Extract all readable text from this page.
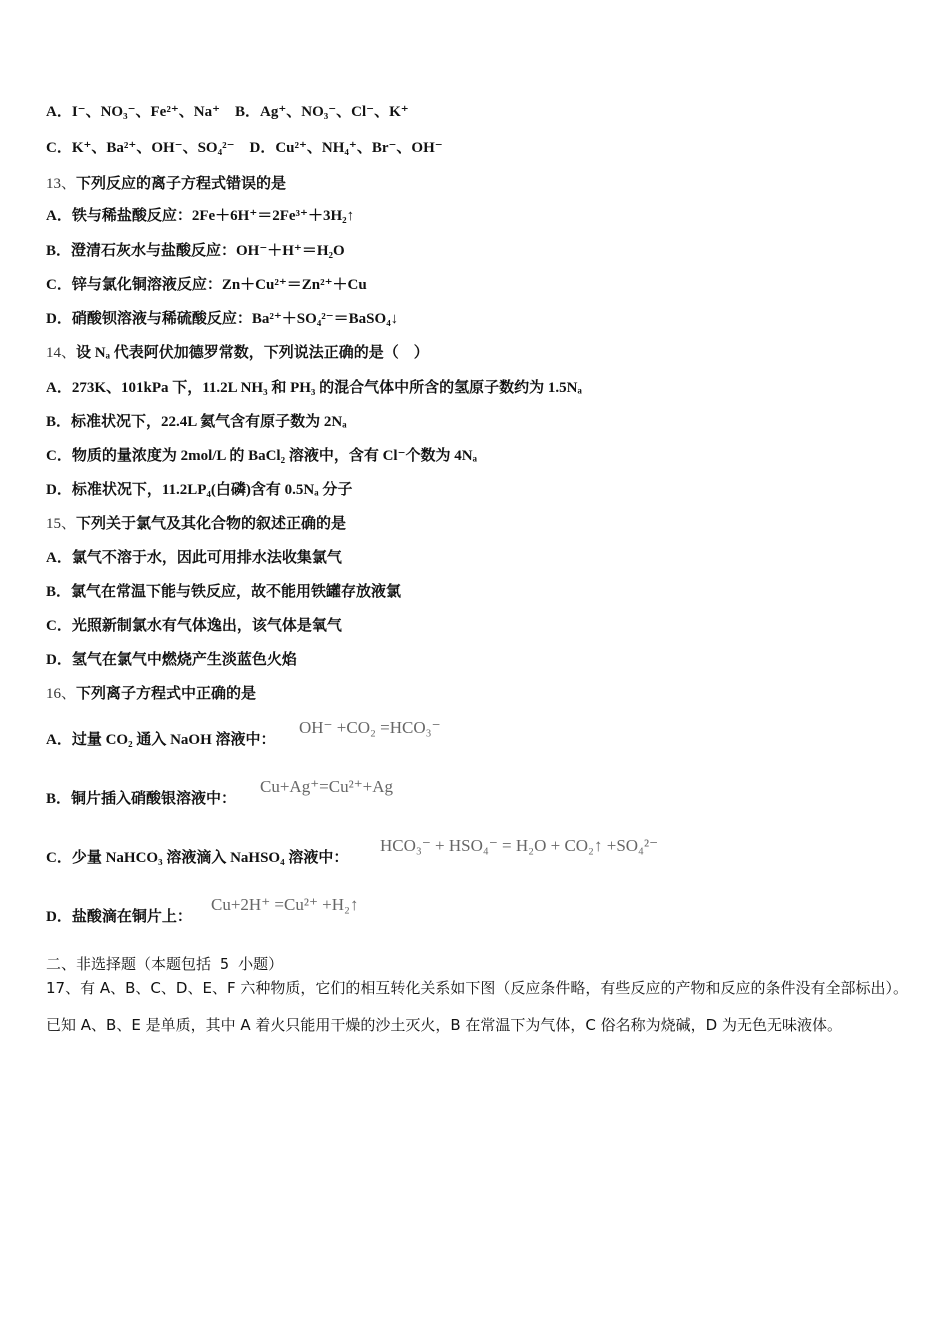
A．I⁻、NO₃⁻、Fe²⁺、Na⁺　B．Ag⁺、NO₃⁻、Cl⁻、K⁺
C．K⁺、Ba²⁺、OH⁻、SO₄²⁻　D．Cu²⁺、NH₄⁺、Br⁻、OH⁻
13、下列反应的离子方程式错误的是
A．铁与稀盐酸反应：2Fe＋6H⁺＝2Fe³⁺＋3H₂↑
B．澄清石灰水与盐酸反应：OH⁻＋H⁺＝H₂O
C．锌与氯化铜溶液反应：Zn＋Cu²⁺＝Zn²⁺＋Cu
D．硝酸钡溶液与稀硫酸反应：Ba²⁺＋SO₄²⁻＝BaSO₄↓
14、设 Nₐ 代表阿伏加德罗常数，下列说法正确的是（　）
A．273K、101kPa 下，11.2L NH₃ 和 PH₃ 的混合气体中所含的氢原子数约为 1.5Nₐ
B．标准状况下，22.4L 氦气含有原子数为 2Nₐ
C．物质的量浓度为 2mol/L 的 BaCl₂ 溶液中，含有 Cl⁻个数为 4Nₐ
D．标准状况下，11.2LP₄(白磷)含有 0.5Nₐ 分子
15、下列关于氯气及其化合物的叙述正确的是
A．氯气不溶于水，因此可用排水法收集氯气
B．氯气在常温下能与铁反应，故不能用铁罐存放液氯
C．光照新制氯水有气体逸出，该气体是氧气
D．氢气在氯气中燃烧产生淡蓝色火焰
16、下列离子方程式中正确的是
A．过量 CO₂ 通入 NaOH 溶液中：
OH⁻ +CO₂ =HCO₃⁻
B．铜片插入硝酸银溶液中：
Cu+Ag⁺=Cu²⁺+Ag
C．少量 NaHCO₃ 溶液滴入 NaHSO₄ 溶液中：
HCO₃⁻ + HSO₄⁻ = H₂O + CO₂↑ +SO₄²⁻
D．盐酸滴在铜片上：
Cu+2H⁺ =Cu²⁺ +H₂↑
二、非选择题（本题包括 5 小题）
17、有 A、B、C、D、E、F 六种物质，它们的相互转化关系如下图（反应条件略，有些反应的产物和反应的条件没有全部标出）。已知 A、B、E 是单质，其中 A 着火只能用干燥的沙土灭火，B 在常温下为气体，C 俗名称为烧碱，D 为无色无味液体。
